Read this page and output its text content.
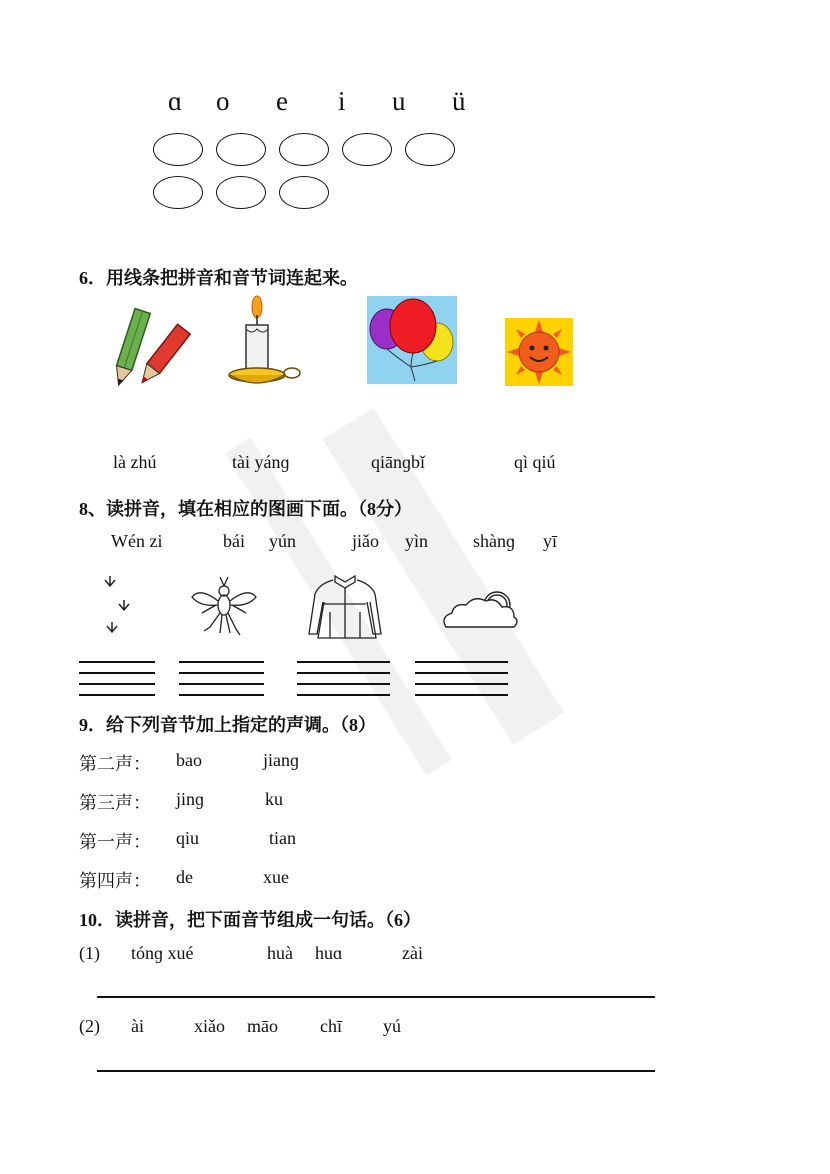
ɑ o e i u ü
6．用线条把拼音和音节词连起来。
là zhú	tài yánɡ	qiānɡbǐ	qì qiú
8、读拼音，填在相应的图画下面。（8分）
Wén zi	bái yún	jiǎo yìn shànɡ yī
9．给下列音节加上指定的声调。（8）
第二声： bao	jianɡ
第三声： jinɡ	ku
第一声： qiu	tian
第四声： de	xue
10．读拼音，把下面音节组成一句话。（6）
(1) tónɡ xué	huà huɑ	zài
(2) ài	xiǎo māo chī yú
